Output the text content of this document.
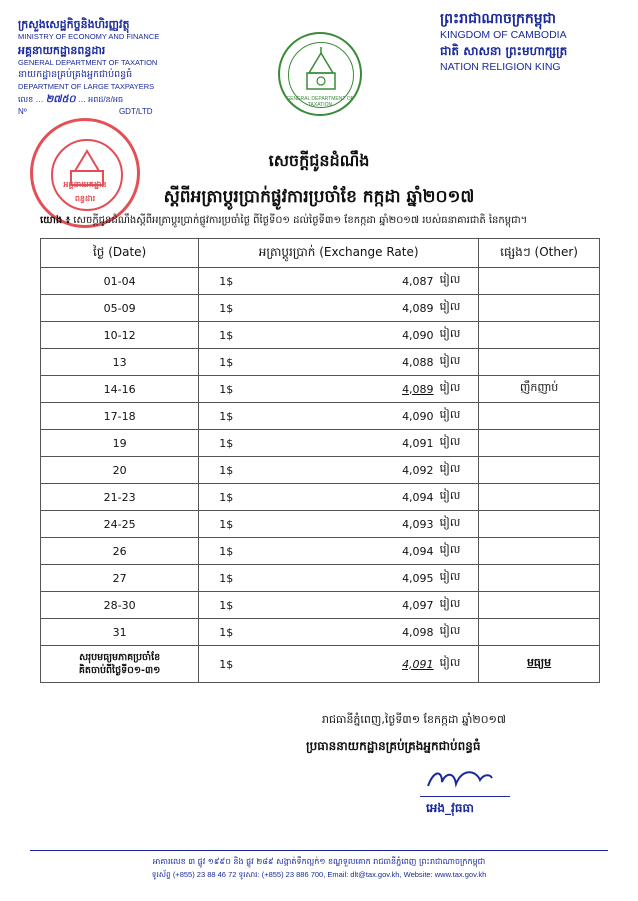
ក្រសួងសេដ្ឋកិច្ចនិងហិរញ្ញវត្ថុ
MINISTRY OF ECONOMY AND FINANCE
អគ្គនាយកដ្ឋានពន្ធដារ
GENERAL DEPARTMENT OF TAXATION
នាយកដ្ឋានគ្រប់គ្រងអ្នកជាប់ពន្ធធំ
DEPARTMENT OF LARGE TAXPAYERS
លេខ … ២៧៥០ … អពដ/ន/អធ
Nº	GDT/LTD
GENERAL DEPARTMENT OF TAXATION
ព្រះរាជាណាចក្រកម្ពុជា
KINGDOM OF CAMBODIA
ជាតិ សាសនា ព្រះមហាក្សត្រ
NATION RELIGION KING
អគ្គនាយកដ្ឋាន
ពន្ធដារ
សេចក្តីជូនដំណឹង
ស្តីពីអត្រាប្តូរប្រាក់ផ្លូវការប្រចាំខែ កក្កដា ឆ្នាំ២០១៧
យោង ៖ សេចក្តីជូនដំណឹងស្តីពីអត្រាប្តូរប្រាក់ផ្លូវការប្រចាំថ្ងៃ ពីថ្ងៃទី០១ ដល់ថ្ងៃទី៣១ ខែកក្កដា ឆ្នាំ២០១៧ របស់ធនាគារជាតិ នៃកម្ពុជា។
ថ្ងៃ (Date)	អត្រាប្តូរប្រាក់ (Exchange Rate)			ផ្សេងៗ (Other)
01-04	1$	4,087	រៀល	
05-09	1$	4,089	រៀល	
10-12	1$	4,090	រៀល	
13	1$	4,088	រៀល	
14-16	1$	4,089	រៀល	ញឹកញាប់
17-18	1$	4,090	រៀល	
19	1$	4,091	រៀល	
20	1$	4,092	រៀល	
21-23	1$	4,094	រៀល	
24-25	1$	4,093	រៀល	
26	1$	4,094	រៀល	
27	1$	4,095	រៀល	
28-30	1$	4,097	រៀល	
31	1$	4,098	រៀល	

សរុបមធ្យមភាគប្រចាំខែ
គិតចាប់ពីថ្ងៃទី០១-៣១	1$	4,091	រៀល	មធ្យម
រាជធានីភ្នំពេញ,ថ្ងៃទី៣១ ខែកក្កដា ឆ្នាំ២០១៧
ប្រធាននាយកដ្ឋានគ្រប់គ្រងអ្នកជាប់ពន្ធធំ
អេង_វុធធា
អាគារលេខ ៣ ផ្លូវ ១៩៩០ និង ផ្លូវ ២៨៩ សង្កាត់ទឹកល្អក់១ ខណ្ឌទួលគោក រាជធានីភ្នំពេញ ព្រះរាជាណាចក្រកម្ពុជា
ទូរស័ព្ទ (+855) 23 88 46 72 ទូរសារ: (+855) 23 886 700, Email: dlt@tax.gov.kh, Website: www.tax.gov.kh
